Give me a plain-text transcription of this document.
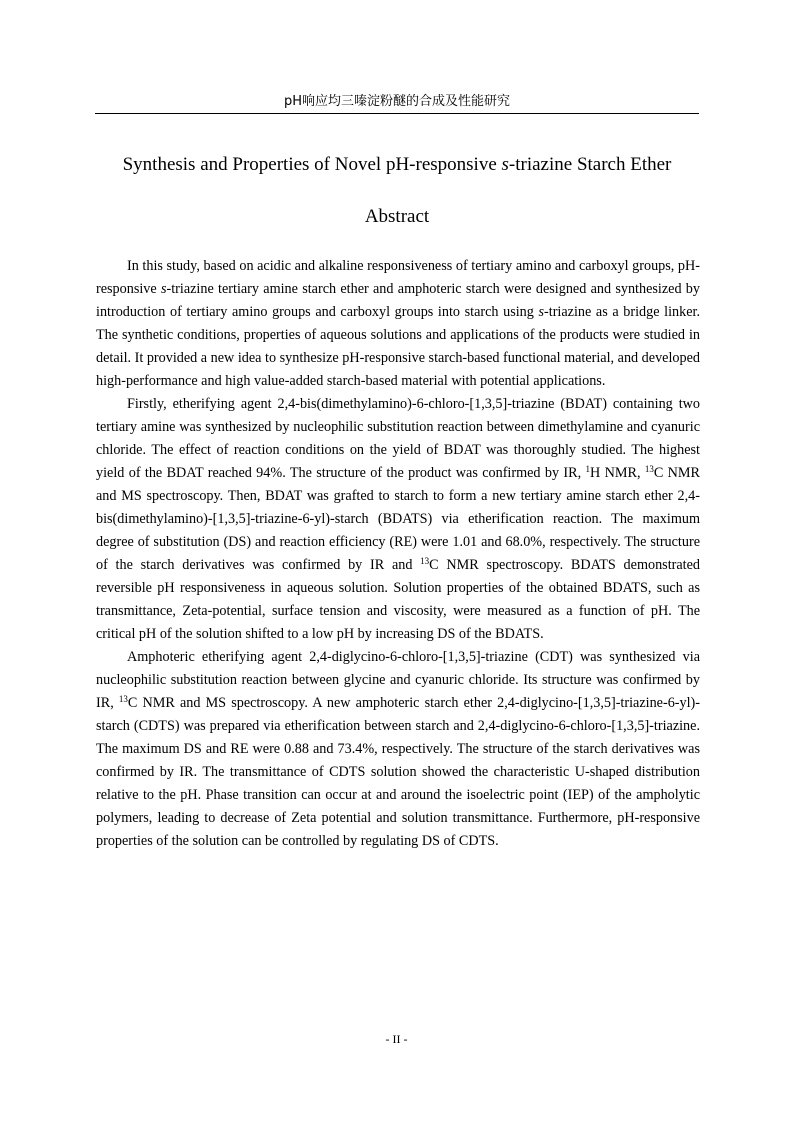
pH响应均三嗪淀粉醚的合成及性能研究
Synthesis and Properties of Novel pH-responsive s-triazine Starch Ether
Abstract

In this study, based on acidic and alkaline responsiveness of tertiary amino and carboxyl groups, pH-responsive s-triazine tertiary amine starch ether and amphoteric starch were designed and synthesized by introduction of tertiary amino groups and carboxyl groups into starch using s-triazine as a bridge linker. The synthetic conditions, properties of aqueous solutions and applications of the products were studied in detail. It provided a new idea to synthesize pH-responsive starch-based functional material, and developed high-performance and high value-added starch-based material with potential applications.

Firstly, etherifying agent 2,4-bis(dimethylamino)-6-chloro-[1,3,5]-triazine (BDAT) containing two tertiary amine was synthesized by nucleophilic substitution reaction between dimethylamine and cyanuric chloride. The effect of reaction conditions on the yield of BDAT was thoroughly studied. The highest yield of the BDAT reached 94%. The structure of the product was confirmed by IR, $^1$H NMR, $^{13}$C NMR and MS spectroscopy. Then, BDAT was grafted to starch to form a new tertiary amine starch ether 2,4-bis(dimethylamino)-[1,3,5]-triazine-6-yl)-starch (BDATS) via etherification reaction. The maximum degree of substitution (DS) and reaction efficiency (RE) were 1.01 and 68.0%, respectively. The structure of the starch derivatives was confirmed by IR and $^{13}$C NMR spectroscopy. BDATS demonstrated reversible pH responsiveness in aqueous solution. Solution properties of the obtained BDATS, such as transmittance, Zeta-potential, surface tension and viscosity, were measured as a function of pH. The critical pH of the solution shifted to a low pH by increasing DS of the BDATS.

Amphoteric etherifying agent 2,4-diglycino-6-chloro-[1,3,5]-triazine (CDT) was synthesized via nucleophilic substitution reaction between glycine and cyanuric chloride. Its structure was confirmed by IR, $^{13}$C NMR and MS spectroscopy. A new amphoteric starch ether 2,4-diglycino-[1,3,5]-triazine-6-yl)-starch (CDTS) was prepared via etherification between starch and 2,4-diglycino-6-chloro-[1,3,5]-triazine. The maximum DS and RE were 0.88 and 73.4%, respectively. The structure of the starch derivatives was confirmed by IR. The transmittance of CDTS solution showed the characteristic U-shaped distribution relative to the pH. Phase transition can occur at and around the isoelectric point (IEP) of the ampholytic polymers, leading to decrease of Zeta potential and solution transmittance. Furthermore, pH-responsive properties of the solution can be controlled by regulating DS of CDTS.

- II -
